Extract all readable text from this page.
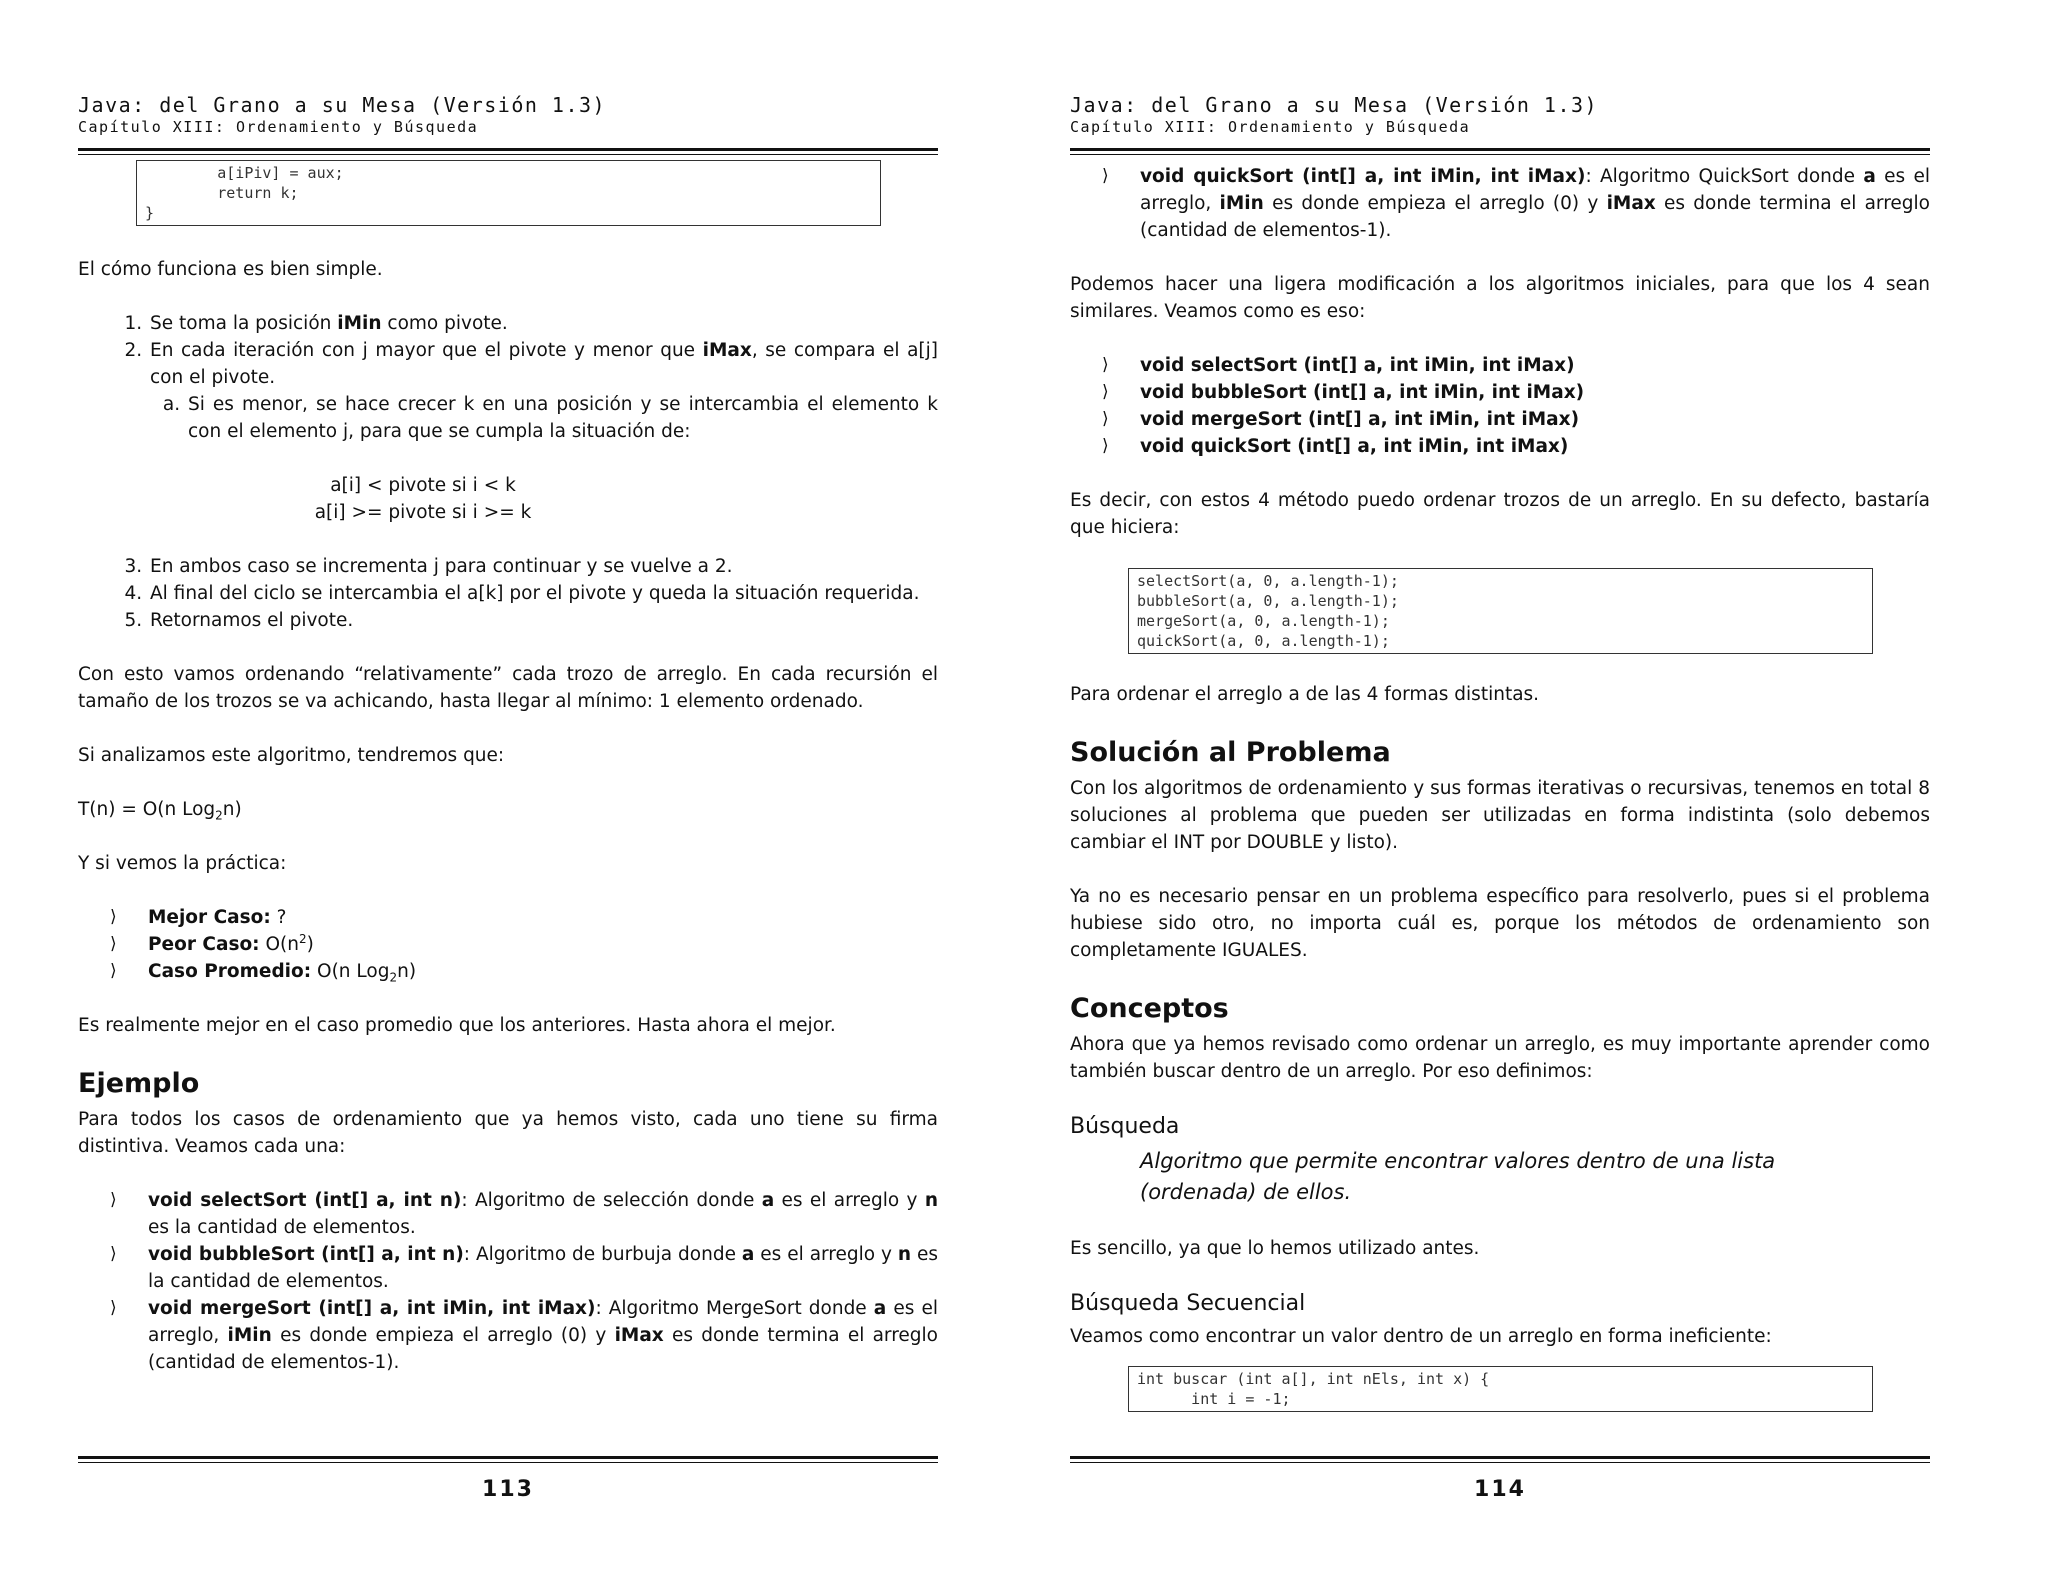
Java: del Grano a su Mesa (Versión 1.3)
Capítulo XIII: Ordenamiento y Búsqueda
a[iPiv] = aux;
return k;
}

El cómo funciona es bien simple.

1. Se toma la posición iMin como pivote.
2. En cada iteración con j mayor que el pivote y menor que iMax, se compara el a[j] con el pivote.
a. Si es menor, se hace crecer k en una posición y se intercambia el elemento k con el elemento j, para que se cumpla la situación de:
a[i] < pivote si i < k
a[i] >= pivote si i >= k
3. En ambos caso se incrementa j para continuar y se vuelve a 2.
4. Al final del ciclo se intercambia el a[k] por el pivote y queda la situación requerida.
5. Retornamos el pivote.

Con esto vamos ordenando “relativamente” cada trozo de arreglo. En cada recursión el tamaño de los trozos se va achicando, hasta llegar al mínimo: 1 elemento ordenado.

Si analizamos este algoritmo, tendremos que:

T(n) = O(n Log$_2$n)

Y si vemos la práctica:

⟩ Mejor Caso: ?
⟩ Peor Caso: $O(n^2)$
⟩ Caso Promedio: O(n Log$_2$n)

Es realmente mejor en el caso promedio que los anteriores. Hasta ahora el mejor.

Ejemplo

Para todos los casos de ordenamiento que ya hemos visto, cada uno tiene su firma distintiva. Veamos cada una:

⟩ void selectSort (int[] a, int n): Algoritmo de selección donde a es el arreglo y n es la cantidad de elementos.
⟩ void bubbleSort (int[] a, int n): Algoritmo de burbuja donde a es el arreglo y n es la cantidad de elementos.
⟩ void mergeSort (int[] a, int iMin, int iMax): Algoritmo MergeSort donde a es el arreglo, iMin es donde empieza el arreglo (0) y iMax es donde termina el arreglo (cantidad de elementos-1).
113
Java: del Grano a su Mesa (Versión 1.3)
Capítulo XIII: Ordenamiento y Búsqueda
⟩ void quickSort (int[] a, int iMin, int iMax): Algoritmo QuickSort donde a es el arreglo, iMin es donde empieza el arreglo (0) y iMax es donde termina el arreglo (cantidad de elementos-1).

Podemos hacer una ligera modificación a los algoritmos iniciales, para que los 4 sean similares. Veamos como es eso:

⟩ void selectSort (int[] a, int iMin, int iMax)
⟩ void bubbleSort (int[] a, int iMin, int iMax)
⟩ void mergeSort (int[] a, int iMin, int iMax)
⟩ void quickSort (int[] a, int iMin, int iMax)

Es decir, con estos 4 método puedo ordenar trozos de un arreglo. En su defecto, bastaría que hiciera:

selectSort(a, 0, a.length-1);
bubbleSort(a, 0, a.length-1);
mergeSort(a, 0, a.length-1);
quickSort(a, 0, a.length-1);

Para ordenar el arreglo a de las 4 formas distintas.

Solución al Problema

Con los algoritmos de ordenamiento y sus formas iterativas o recursivas, tenemos en total 8 soluciones al problema que pueden ser utilizadas en forma indistinta (solo debemos cambiar el INT por DOUBLE y listo).

Ya no es necesario pensar en un problema específico para resolverlo, pues si el problema hubiese sido otro, no importa cuál es, porque los métodos de ordenamiento son completamente IGUALES.

Conceptos

Ahora que ya hemos revisado como ordenar un arreglo, es muy importante aprender como también buscar dentro de un arreglo. Por eso definimos:

Búsqueda
Algoritmo que permite encontrar valores dentro de una lista (ordenada) de ellos.

Es sencillo, ya que lo hemos utilizado antes.

Búsqueda Secuencial

Veamos como encontrar un valor dentro de un arreglo en forma ineficiente:

int buscar (int a[], int nEls, int x) {
int i = -1;
114
